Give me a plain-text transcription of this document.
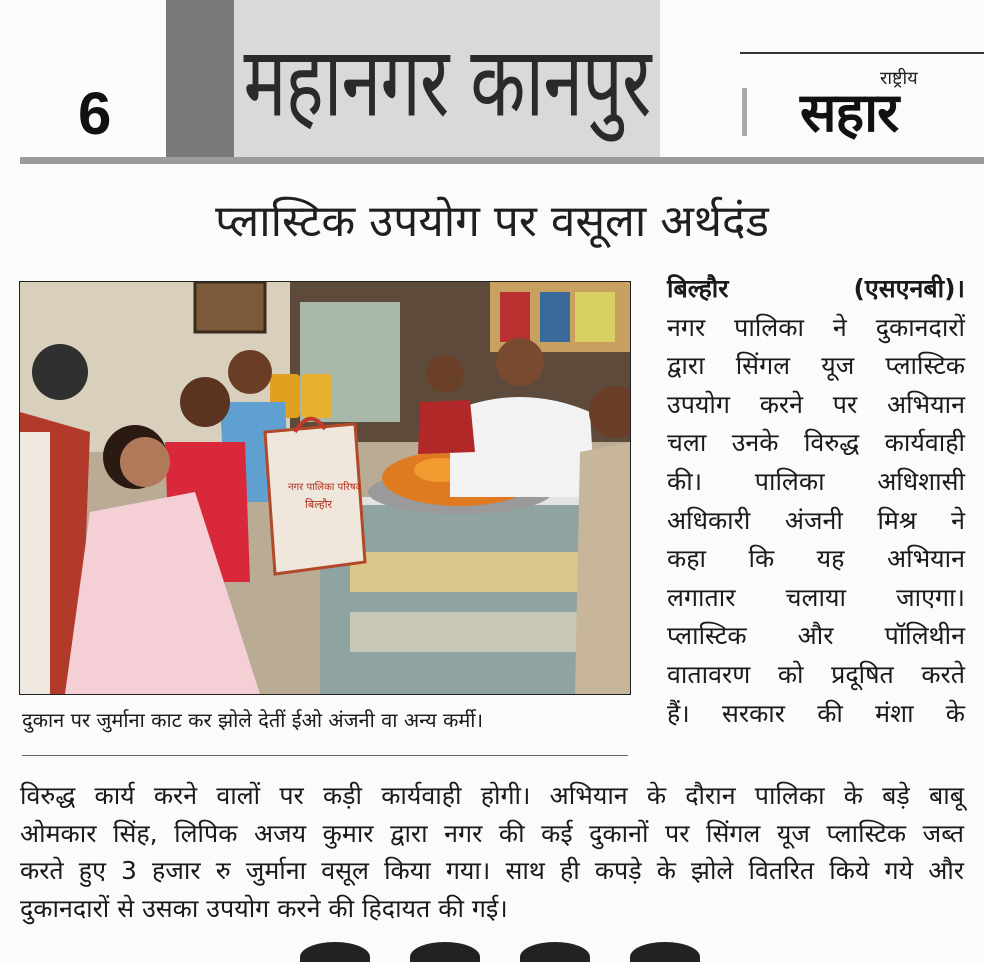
6 महानगर कानपुर	राष्ट्रीय
सहार
प्लास्टिक उपयोग पर वसूला अर्थदंड
नगर पालिका परिषद
बिल्हौर
दुकान पर जुर्माना काट कर झोले देतीं ईओ अंजनी वा अन्य कर्मी।
बिल्हौर (एसएनबी)।
नगर पालिका ने दुकानदारों
द्वारा सिंगल यूज प्लास्टिक
उपयोग करने पर अभियान
चला उनके विरुद्ध कार्यवाही
की। पालिका अधिशासी
अधिकारी अंजनी मिश्र ने
कहा कि यह अभियान
लगातार चलाया जाएगा।
प्लास्टिक और पॉलिथीन
वातावरण को प्रदूषित करते
हैं। सरकार की मंशा के
विरुद्ध कार्य करने वालों पर कड़ी कार्यवाही होगी। अभियान के दौरान पालिका के बड़े बाबू
ओमकार सिंह, लिपिक अजय कुमार द्वारा नगर की कई दुकानों पर सिंगल यूज प्लास्टिक जब्त
करते हुए 3 हजार रु जुर्माना वसूल किया गया। साथ ही कपड़े के झोले वितरित किये गये और
दुकानदारों से उसका उपयोग करने की हिदायत की गई।
